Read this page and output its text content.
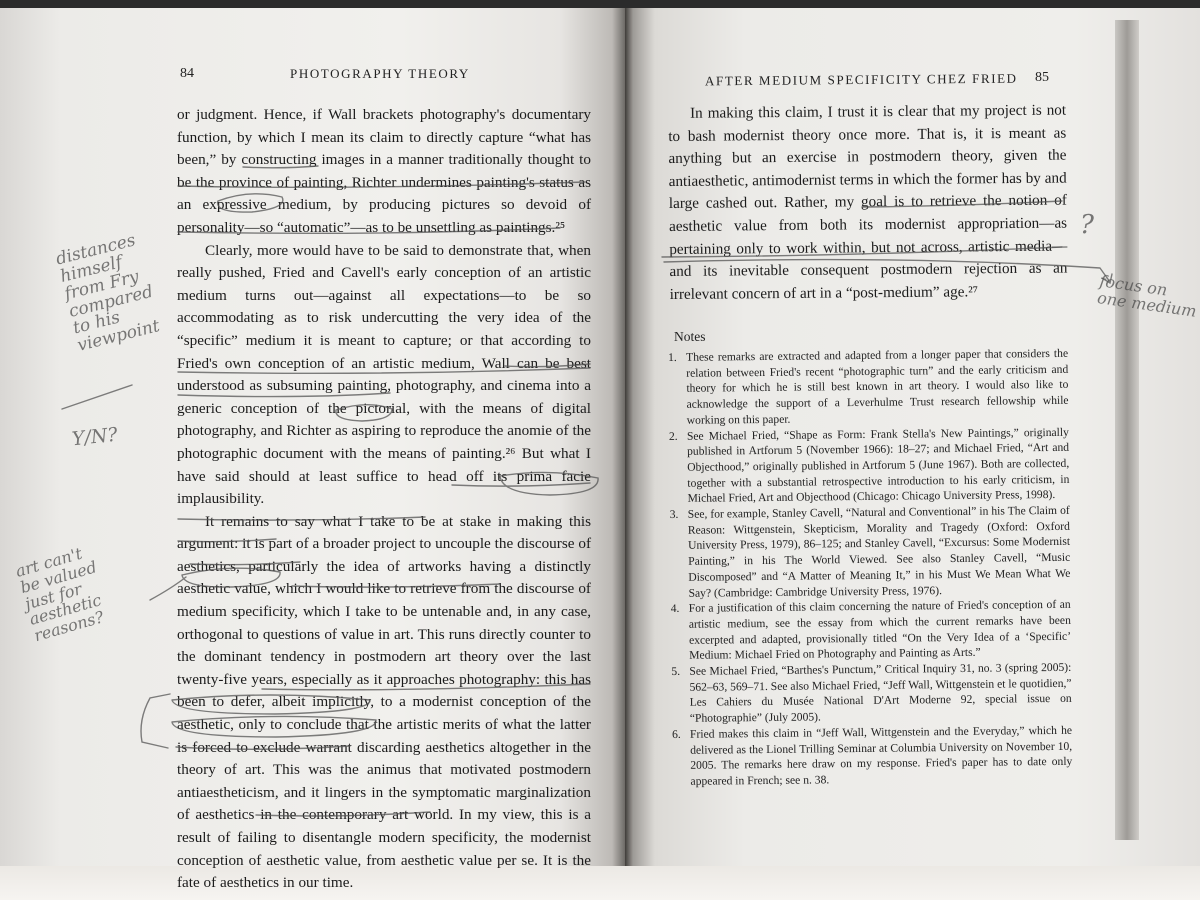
84	PHOTOGRAPHY THEORY

or judgment. Hence, if Wall brackets photography's documentary function, by which I mean its claim to directly capture “what has been,” by constructing images in a manner traditionally thought to be the province of painting, Richter undermines painting's status as an expressive medium, by producing pictures so devoid of personality—so “automatic”—as to be unsettling as paintings.²⁵

Clearly, more would have to be said to demonstrate that, when really pushed, Fried and Cavell's early conception of an artistic medium turns out—against all expectations—to be so accommodating as to risk undercutting the very idea of the “specific” medium it is meant to capture; or that according to Fried's own conception of an artistic medium, Wall can be best understood as subsuming painting, photography, and cinema into a generic conception of the pictorial, with the means of digital photography, and Richter as aspiring to reproduce the anomie of the photographic document with the means of painting.²⁶ But what I have said should at least suffice to head off its prima facie implausibility.

It remains to say what I take to be at stake in making this argument: it is part of a broader project to uncouple the discourse of aesthetics, particularly the idea of artworks having a distinctly aesthetic value, which I would like to retrieve from the discourse of medium specificity, which I take to be untenable and, in any case, orthogonal to questions of value in art. This runs directly counter to the dominant tendency in postmodern art theory over the last twenty-five years, especially as it approaches photography: this has been to defer, albeit implicitly, to a modernist conception of the aesthetic, only to conclude that the artistic merits of what the latter is forced to exclude warrant discarding aesthetics altogether in the theory of art. This was the animus that motivated postmodern antiaestheticism, and it lingers in the symptomatic marginalization of aesthetics in the contemporary art world. In my view, this is a result of failing to disentangle modern specificity, the modernist conception of aesthetic value, from aesthetic value per se. It is the fate of aesthetics in our time.

AFTER MEDIUM SPECIFICITY CHEZ FRIED 85

In making this claim, I trust it is clear that my project is not to bash modernist theory once more. That is, it is meant as anything but an exercise in postmodern theory, given the antiaesthetic, antimodernist terms in which the former has by and large cashed out. Rather, my goal is to retrieve the notion of aesthetic value from both its modernist appropriation—as pertaining only to work within, but not across, artistic media—and its inevitable consequent postmodern rejection as an irrelevant concern of art in a “post-medium” age.²⁷

Notes
1. These remarks are extracted and adapted from a longer paper that considers the relation between Fried's recent “photographic turn” and the early criticism and theory for which he is still best known in art theory. I would also like to acknowledge the support of a Leverhulme Trust research fellowship while working on this paper.
2. See Michael Fried, “Shape as Form: Frank Stella's New Paintings,” originally published in Artforum 5 (November 1966): 18–27; and Michael Fried, “Art and Objecthood,” originally published in Artforum 5 (June 1967). Both are collected, together with a substantial retrospective introduction to his early criticism, in Michael Fried, Art and Objecthood (Chicago: Chicago University Press, 1998).
3. See, for example, Stanley Cavell, “Natural and Conventional” in his The Claim of Reason: Wittgenstein, Skepticism, Morality and Tragedy (Oxford: Oxford University Press, 1979), 86–125; and Stanley Cavell, “Excursus: Some Modernist Painting,” in his The World Viewed. See also Stanley Cavell, “Music Discomposed” and “A Matter of Meaning It,” in his Must We Mean What We Say? (Cambridge: Cambridge University Press, 1976).
4. For a justification of this claim concerning the nature of Fried's conception of an artistic medium, see the essay from which the current remarks have been excerpted and adapted, provisionally titled “On the Very Idea of a ‘Specific’ Medium: Michael Fried on Photography and Painting as Arts.”
5. See Michael Fried, “Barthes's Punctum,” Critical Inquiry 31, no. 3 (spring 2005): 562–63, 569–71. See also Michael Fried, “Jeff Wall, Wittgenstein et le quotidien,” Les Cahiers du Musée National D'Art Moderne 92, special issue on “Photographie” (July 2005).
6. Fried makes this claim in “Jeff Wall, Wittgenstein and the Everyday,” which he delivered as the Lionel Trilling Seminar at Columbia University on November 10, 2005. The remarks here draw on my response. Fried's paper has to date only appeared in French; see n. 38.
distances
himself
from Fry
compared
to his
viewpoint
Y/N?
art can't
be valued
just for
aesthetic
reasons?
focus on
one medium
?
